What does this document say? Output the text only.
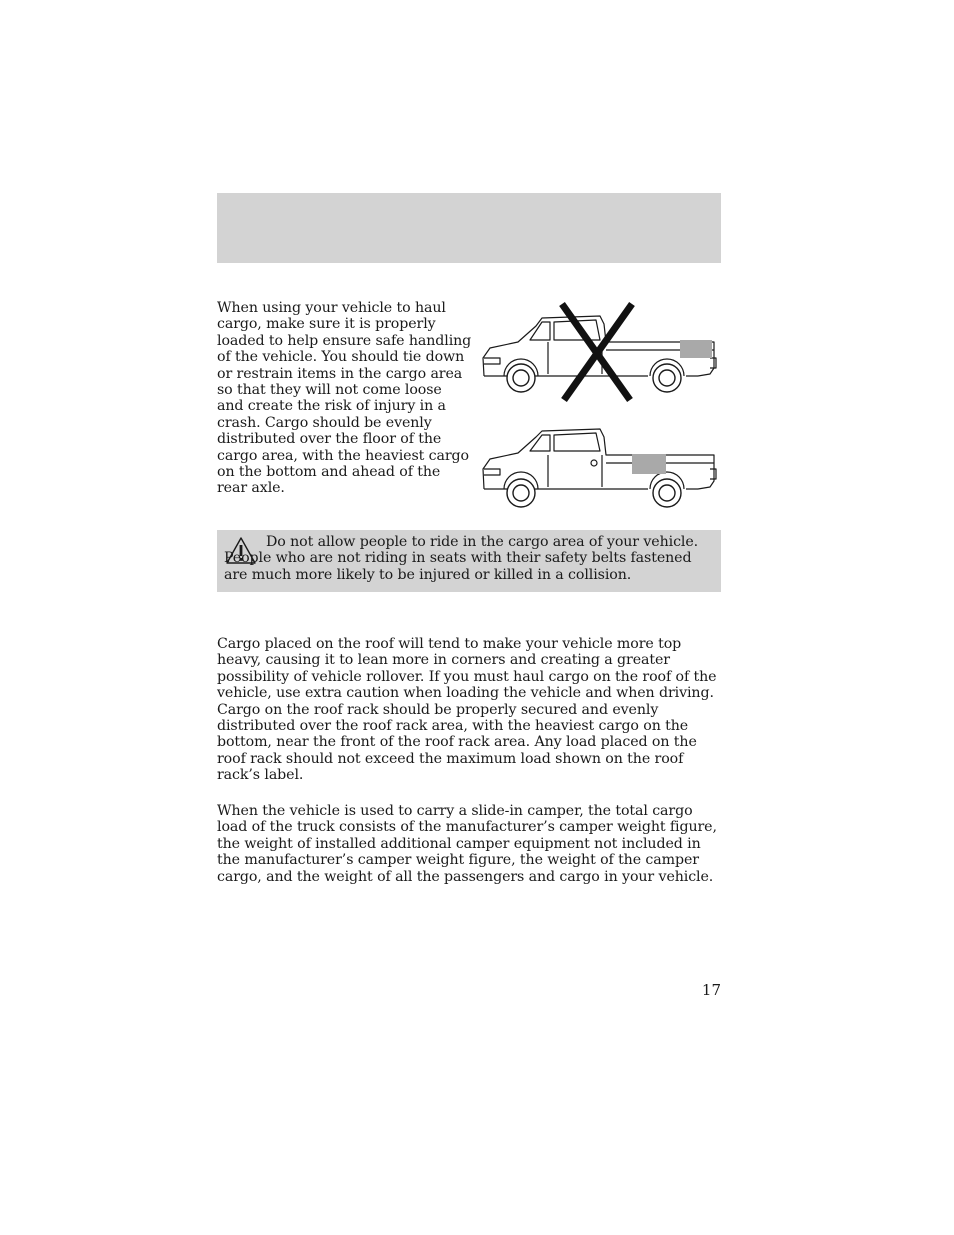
When using your vehicle to haul cargo, make sure it is properly loaded to help ensure safe handling of the vehicle. You should tie down or restrain items in the cargo area so that they will not come loose and create the risk of injury in a crash. Cargo should be evenly distributed over the floor of the cargo area, with the heaviest cargo on the bottom and ahead of the rear axle.

Do not allow people to ride in the cargo area of your vehicle. People who are not riding in seats with their safety belts fastened are much more likely to be injured or killed in a collision.

Cargo placed on the roof will tend to make your vehicle more top heavy, causing it to lean more in corners and creating a greater possibility of vehicle rollover. If you must haul cargo on the roof of the vehicle, use extra caution when loading the vehicle and when driving. Cargo on the roof rack should be properly secured and evenly distributed over the roof rack area, with the heaviest cargo on the bottom, near the front of the roof rack area. Any load placed on the roof rack should not exceed the maximum load shown on the roof rack’s label.

When the vehicle is used to carry a slide-in camper, the total cargo load of the truck consists of the manufacturer’s camper weight figure, the weight of installed additional camper equipment not included in the manufacturer’s camper weight figure, the weight of the camper cargo, and the weight of all the passengers and cargo in your vehicle.

17
